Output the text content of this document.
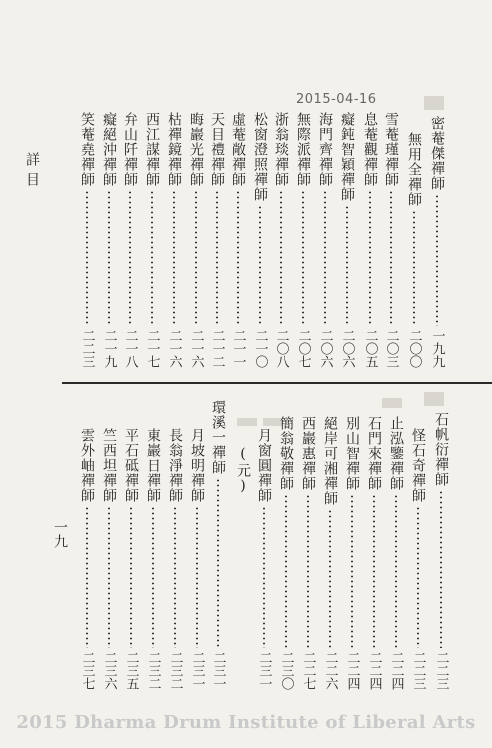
2015-04-16
密菴傑禪師
一九九
無用全禪師
二〇〇
雪菴瑾禪師
二〇三
息菴觀禪師
二〇五
癡鈍智穎禪師
二〇六
海門齊禪師
二〇六
無際派禪師
二〇七
浙翁琰禪師
二〇八
松窗澄照禪師
二一〇
虛菴敞禪師
二一一
天目禮禪師
二一二
晦巖光禪師
二一六
枯禪鏡禪師
二一六
西江謀禪師
二一七
弁山阡禪師
二一八
癡絕沖禪師
二一九
笑菴堯禪師
二二三
石帆衍禪師
二二三
怪石奇禪師
二二三
止泓鑒禪師
二二四
石門來禪師
二二四
別山智禪師
二二四
絕岸可湘禪師
二二六
西巖惠禪師
二二七
簡翁敬禪師
二三〇
月窗圓禪師
二三一
(元)
環溪一禪師
二三一
月坡明禪師
二三一
長翁淨禪師
二三二
東巖日禪師
二三二
平石砥禪師
二三五
竺西坦禪師
二三六
雲外岫禪師
二三七
詳目
一九
2015 Dharma Drum Institute of Liberal Arts
